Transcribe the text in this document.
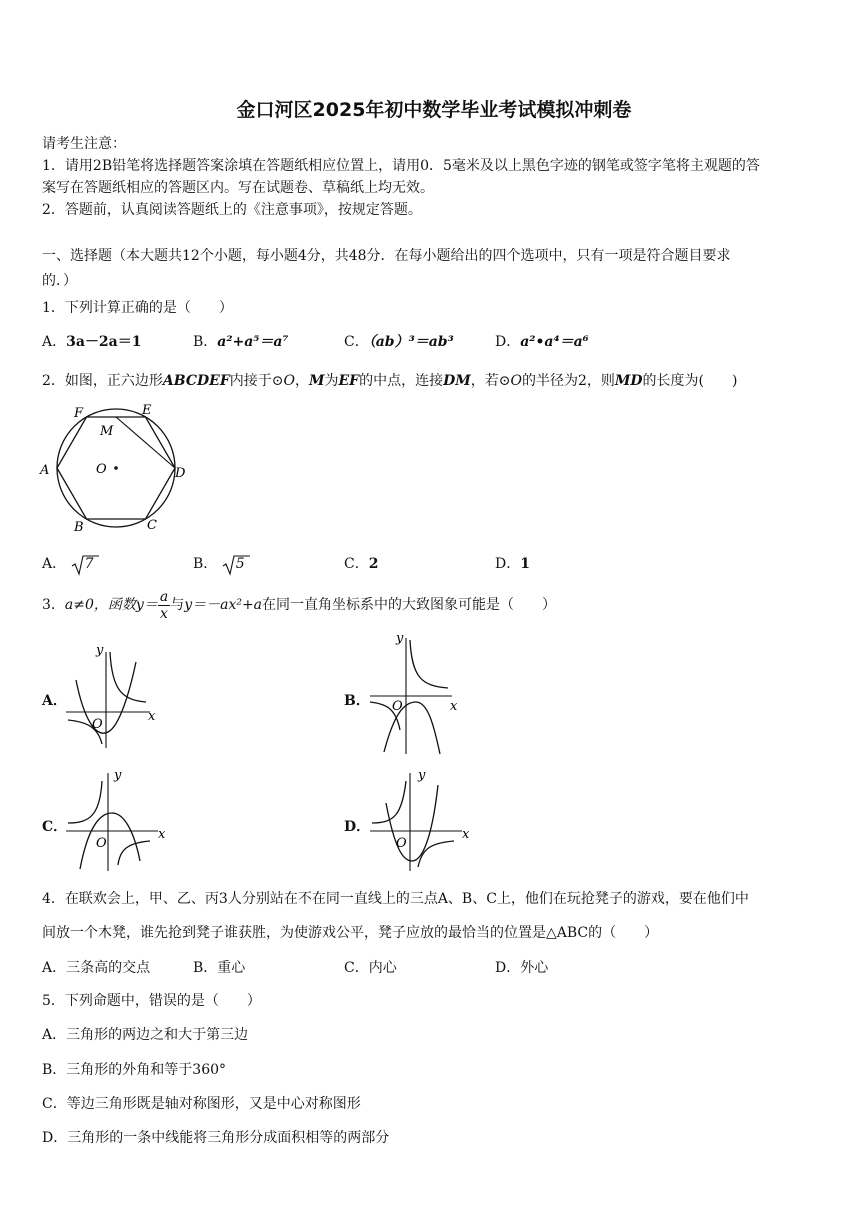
金口河区2025年初中数学毕业考试模拟冲刺卷
请考生注意：
1．请用2B铅笔将选择题答案涂填在答题纸相应位置上，请用0．5毫米及以上黑色字迹的钢笔或签字笔将主观题的答
案写在答题纸相应的答题区内。写在试题卷、草稿纸上均无效。
2．答题前，认真阅读答题纸上的《注意事项》，按规定答题。
一、选择题（本大题共12个小题，每小题4分，共48分．在每小题给出的四个选项中，只有一项是符合题目要求
的．）
1．下列计算正确的是（　　）
A．3a－2a＝1	B．a²+a⁵＝a⁷	C．（ab）³＝ab³	D．a²•a⁴＝a⁶
2．如图，正六边形ABCDEF内接于⊙O，M为EF的中点，连接DM，若⊙O的半径为2，则MD的长度为(　　)
F	E
M
A	O	D
B	C
A． 7	B． 5	C．2	D．1
3．a≠0，函数$y= \frac{a}{x}$ 与y＝－ax²+a在同一直角坐标系中的大致图象可能是（　　）
A．	B．
C．	D．
x
y
O
x
y
O
x
y
O
x
y
O
4．在联欢会上，甲、乙、丙3人分别站在不在同一直线上的三点A、B、C上，他们在玩抢凳子的游戏，要在他们中
间放一个木凳，谁先抢到凳子谁获胜，为使游戏公平，凳子应放的最恰当的位置是△ABC的（　　）
A．三条高的交点	B．重心	C．内心	D．外心
5．下列命题中，错误的是（　　）
A．三角形的两边之和大于第三边
B．三角形的外角和等于360°
C．等边三角形既是轴对称图形，又是中心对称图形
D．三角形的一条中线能将三角形分成面积相等的两部分
